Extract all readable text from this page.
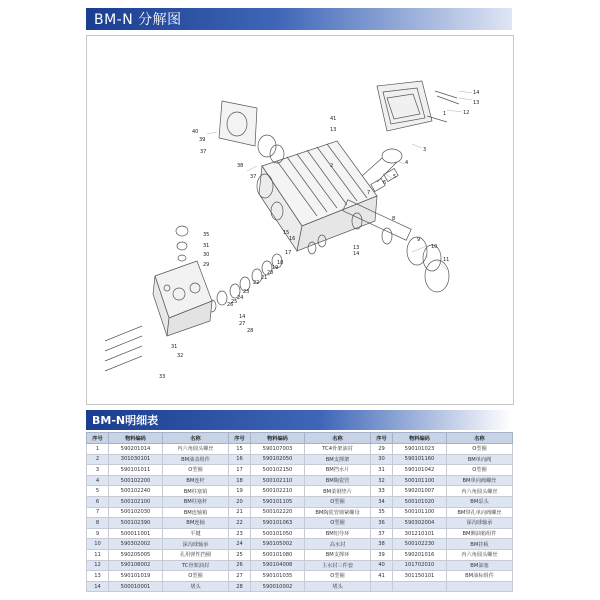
BM-N 分解图
14
13
12
1
3
4
5
6
7
8
9
10
11
41
13
2
40
39
37
38
37
15
16
17
18
19
20
21
22
23
24
25
26
27
28
14
35
31
30
29
31
32
33
13
14
BM-N明细表
序号	物料编码	名称	序号	物料编码	名称	序号	物料编码	名称
1	590201014	内六角圆头螺丝	15	590107003	TC4骨架油封	29	590101023	O型圈
2	301030101	BM油盖组件	16	590102050	BM支撑架	30	590101160	BM单向阀
3	590101011	O型圈	17	500102150	BM挡水片	31	590101042	O型圈
4	500102200	BM连杆	18	500102110	BM陶瓷管	32	500101100	BM单向阀螺丝
5	500102240	BM柱塞销	19	500102210	BM柔钢垫片	33	590201007	内六角圆头螺丝
6	500102100	BM柱塞杆	20	590101105	O型圈	34	500101020	BM泵头
7	500102030	BM连轴箱	21	500102220	BM陶瓷管锁紧螺母	35	500101100	BM带孔单向阀螺丝
8	500102390	BM连轴	22	590101063	O型圈	36	590302004	深沟球轴承
9	500011001	平键	23	500101050	BM铝导环	37	301210101	BM侧油箱组件
10	590302002	深沟球轴承	24	590105002	高水封	38	500102230	BM挂板
11	590205005	孔用弹性挡圈	25	500101080	BM支撑环	39	590201016	内六角圆头螺丝
12	590108002	TC骨架油封	26	590104008	主水封三件套	40	101702010	BM油塞
13	590101019	O型圈	27	590101035	O型圈	41	301150101	BM油标组件
14	500010001	堵头	28	590010002	堵头			
